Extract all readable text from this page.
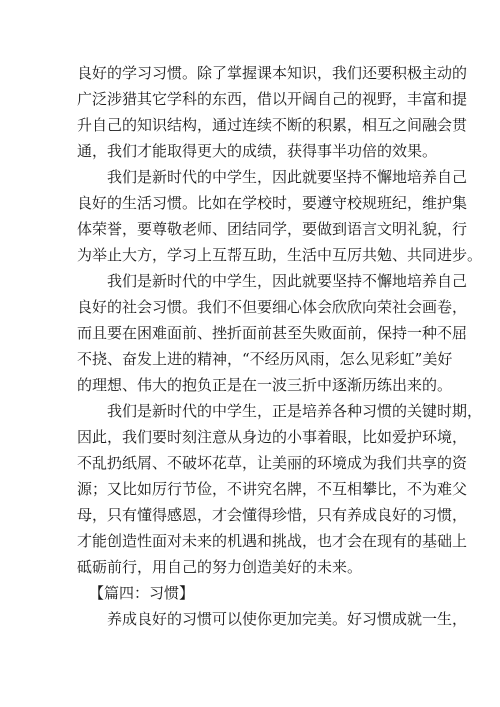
良好的学习习惯。除了掌握课本知识，我们还要积极主动的
广泛涉猎其它学科的东西，借以开阔自己的视野，丰富和提
升自己的知识结构，通过连续不断的积累，相互之间融会贯
通，我们才能取得更大的成绩，获得事半功倍的效果。
我们是新时代的中学生，因此就要坚持不懈地培养自己
良好的生活习惯。比如在学校时，要遵守校规班纪，维护集
体荣誉，要尊敬老师、团结同学，要做到语言文明礼貌，行
为举止大方，学习上互帮互助，生活中互厉共勉、共同进步。
我们是新时代的中学生，因此就要坚持不懈地培养自己
良好的社会习惯。我们不但要细心体会欣欣向荣社会画卷，
而且要在困难面前、挫折面前甚至失败面前，保持一种不屈
不挠、奋发上进的精神，“不经历风雨，怎么见彩虹”美好
的理想、伟大的抱负正是在一波三折中逐渐历练出来的。
我们是新时代的中学生，正是培养各种习惯的关键时期，
因此，我们要时刻注意从身边的小事着眼，比如爱护环境，
不乱扔纸屑、不破坏花草，让美丽的环境成为我们共享的资
源；又比如厉行节俭，不讲究名牌，不互相攀比，不为难父
母，只有懂得感恩，才会懂得珍惜，只有养成良好的习惯，
才能创造性面对未来的机遇和挑战，也才会在现有的基础上
砥砺前行，用自己的努力创造美好的未来。
【篇四：习惯】
养成良好的习惯可以使你更加完美。好习惯成就一生，
